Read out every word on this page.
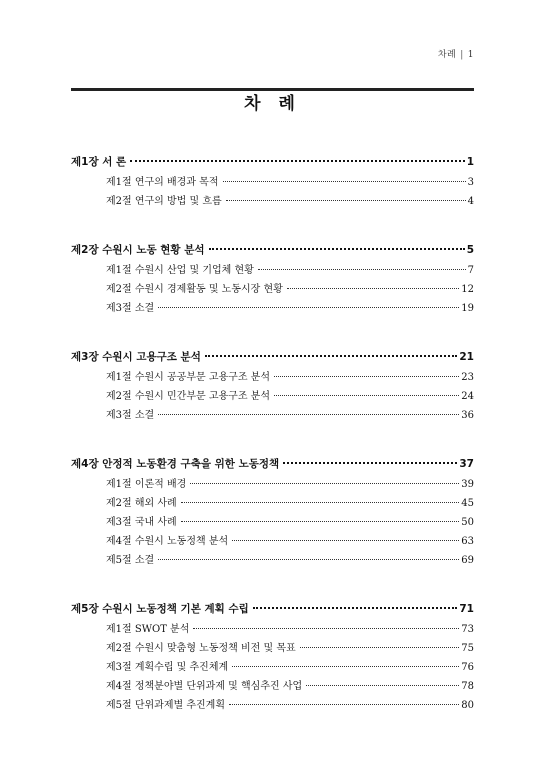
차례 | 1
차 례
제1장 서 론	1
제1절 연구의 배경과 목적	3
제2절 연구의 방법 및 흐름	4
제2장 수원시 노동 현황 분석	5
제1절 수원시 산업 및 기업체 현황	7
제2절 수원시 경제활동 및 노동시장 현황	12
제3절 소결	19
제3장 수원시 고용구조 분석	21
제1절 수원시 공공부문 고용구조 분석	23
제2절 수원시 민간부문 고용구조 분석	24
제3절 소결	36
제4장 안정적 노동환경 구축을 위한 노동정책	37
제1절 이론적 배경	39
제2절 해외 사례	45
제3절 국내 사례	50
제4절 수원시 노동정책 분석	63
제5절 소결	69
제5장 수원시 노동정책 기본 계획 수립	71
제1절 SWOT 분석	73
제2절 수원시 맞춤형 노동정책 비전 및 목표	75
제3절 계획수립 및 추진체계	76
제4절 정책분야별 단위과제 및 핵심추진 사업	78
제5절 단위과제별 추진계획	80
